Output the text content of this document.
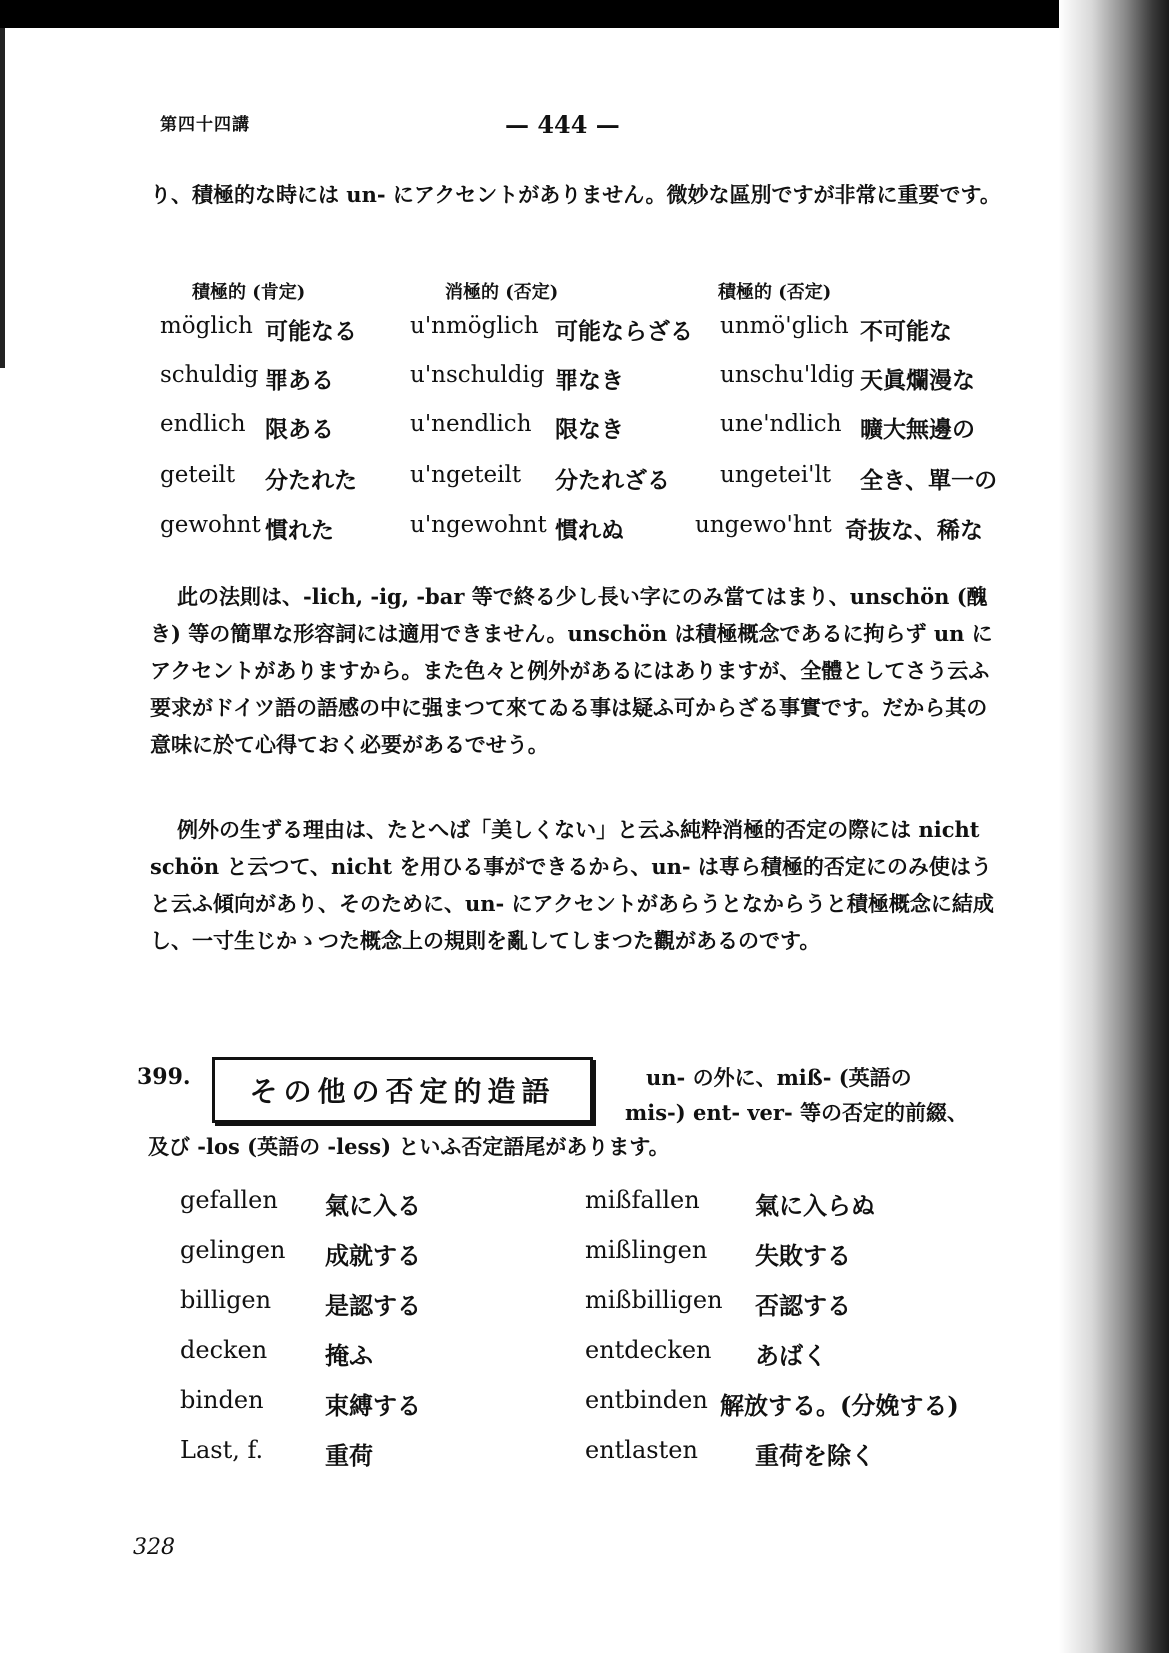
第四十四講	— 444 —
り、積極的な時には un- にアクセントがありません。微妙な區別ですが非常に重要です。
積極的 (肯定)	消極的 (否定)	積極的 (否定)
möglich 可能なる u'nmöglich 可能ならざる unmö'glich 不可能な
schuldig 罪ある	u'nschuldig 罪なき	unschu'ldig 天眞爛漫な
endlich 限ある	u'nendlich 限なき	une'ndlich 曠大無邊の
geteilt 分たれた u'ngeteilt 分たれざる ungetei'lt 全き、單一の
gewohnt 慣れた	u'ngewohnt 慣れぬ	ungewo'hnt 奇抜な、稀な
此の法則は、-lich, -ig, -bar 等で終る少し長い字にのみ當てはまり、unschön (醜き) 等の簡單な形容詞には適用できません。unschön は積極概念であるに拘らず un にアクセントがありますから。また色々と例外があるにはありますが、全體としてさう云ふ要求がドイツ語の語感の中に强まつて來てゐる事は疑ふ可からざる事實です。だから其の意味に於て心得ておく必要があるでせう。
例外の生ずる理由は、たとへば「美しくない」と云ふ純粋消極的否定の際には nicht schön と云つて、nicht を用ひる事ができるから、un- は専ら積極的否定にのみ使はうと云ふ傾向があり、そのために、un- にアクセントがあらうとなからうと積極概念に結成し、一寸生じかゝつた概念上の規則を亂してしまつた觀があるのです。
399. その他の否定的造語	un- の外に、miß- (英語の
mis-) ent- ver- 等の否定的前綴、
及び -los (英語の -less) といふ否定語尾があります。
gefallen 氣に入る	mißfallen 氣に入らぬ
gelingen 成就する	mißlingen 失敗する
billigen 是認する	mißbilligen 否認する
decken 掩ふ	entdecken あばく
binden	束縛する	entbinden 解放する。(分娩する)
Last, f.	重荷	entlasten 重荷を除く
328
